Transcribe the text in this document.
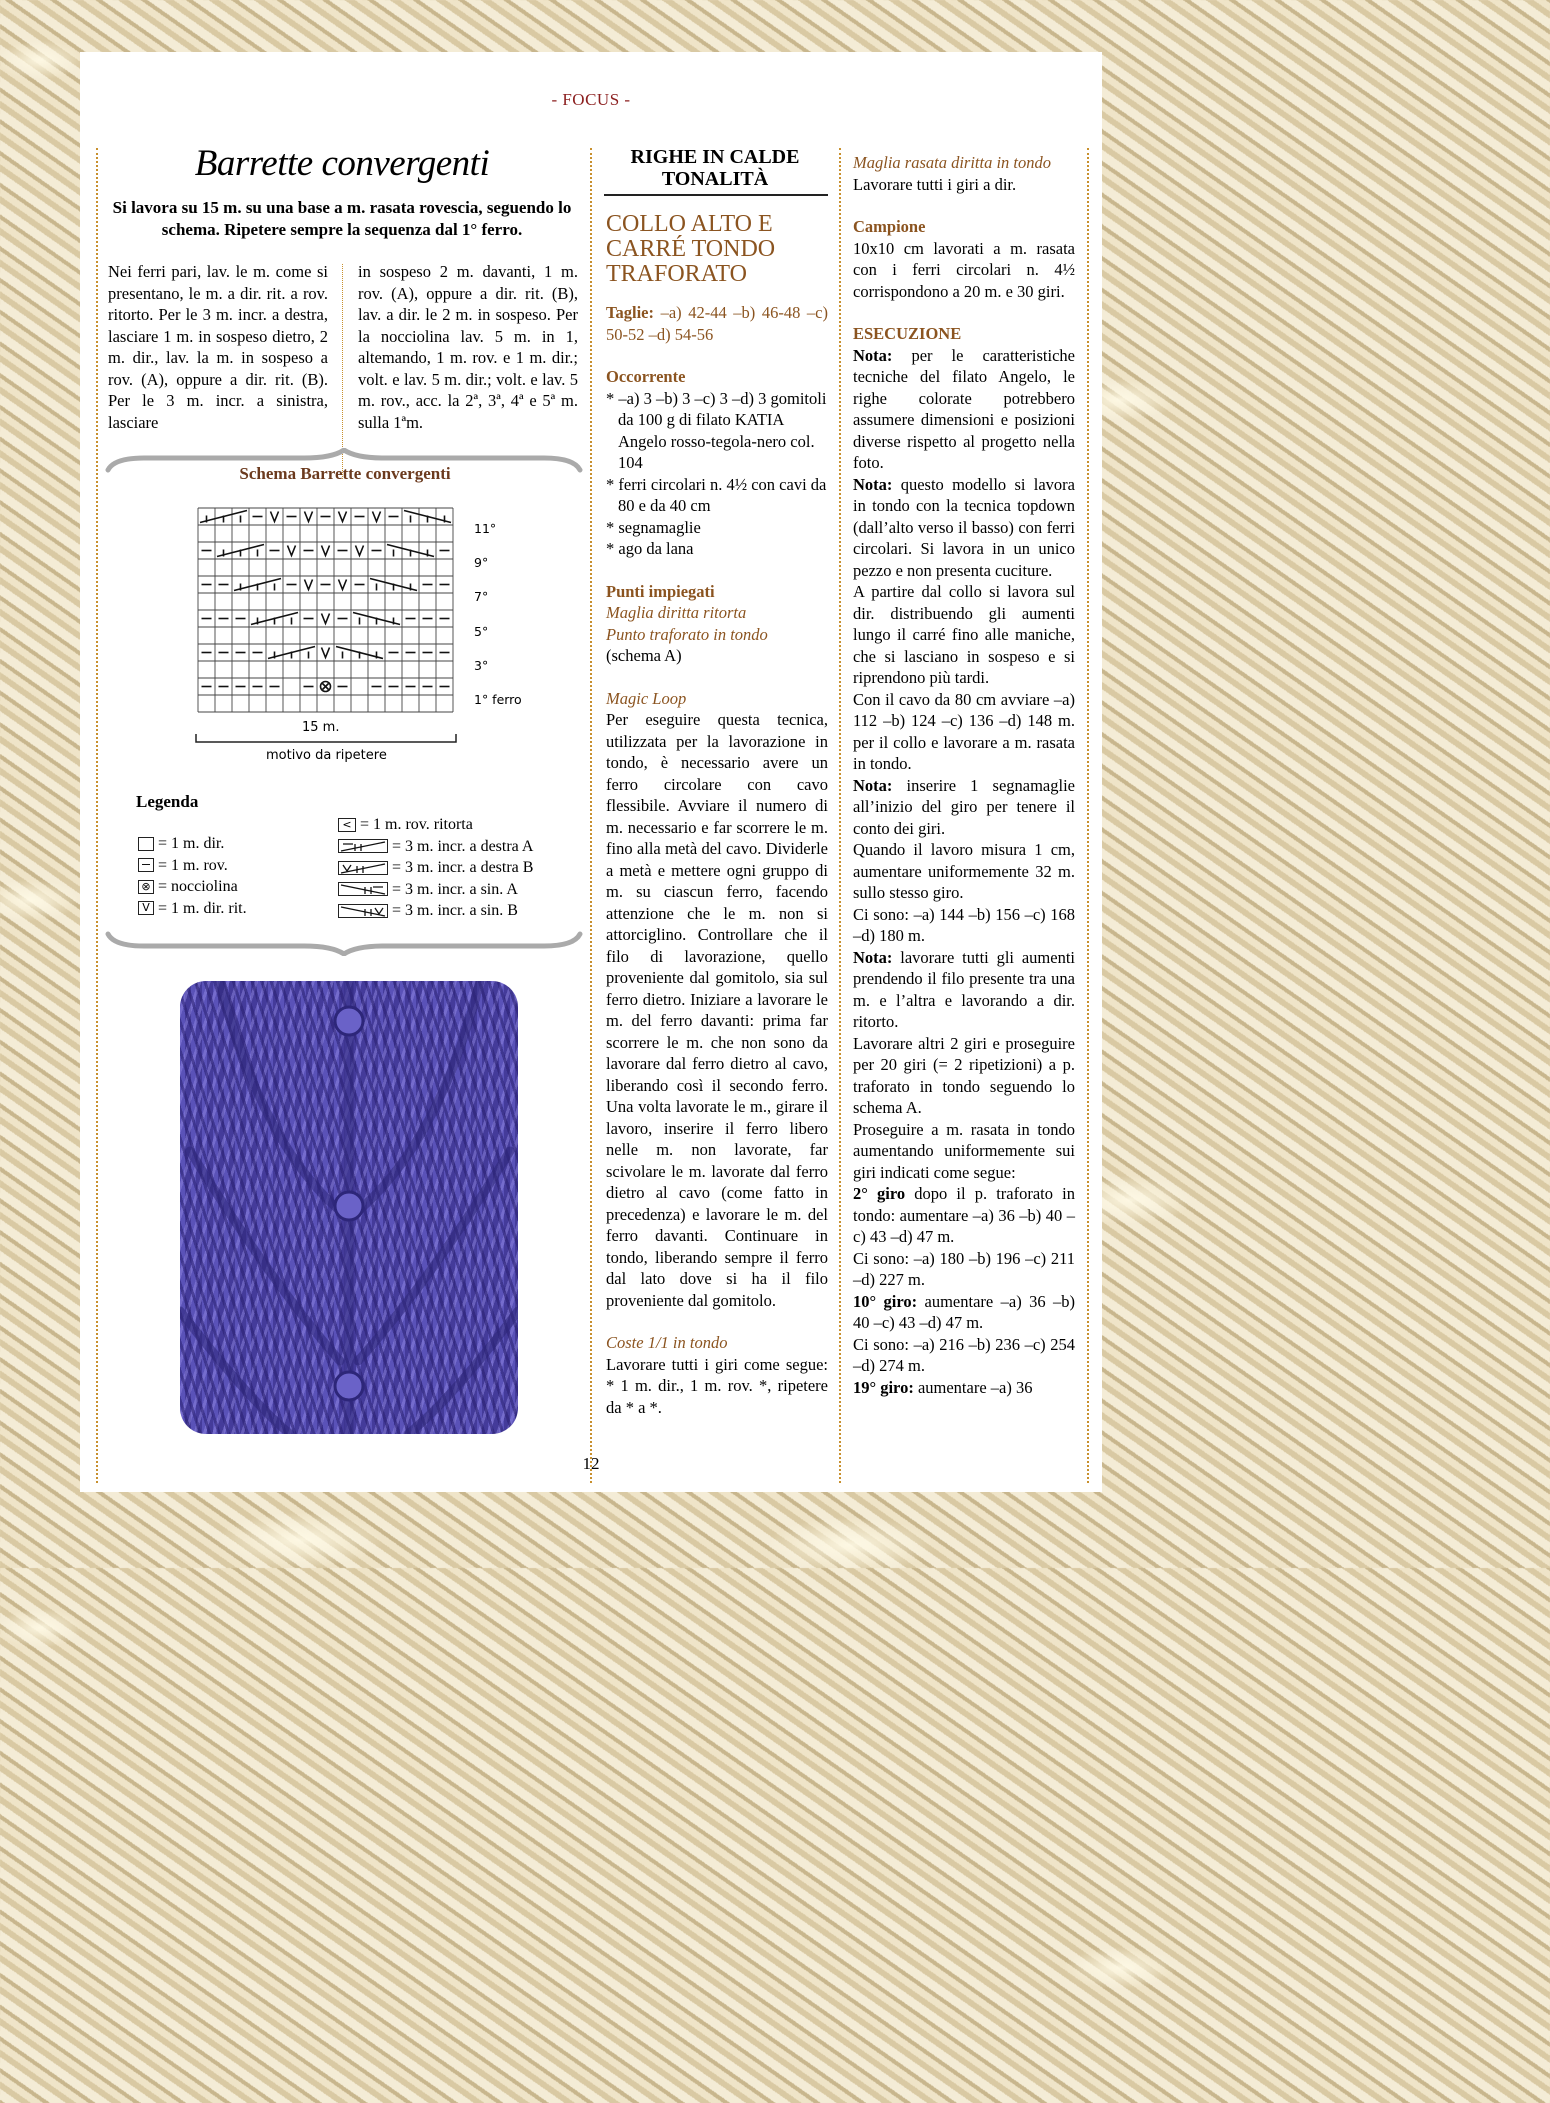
- FOCUS -
Barrette convergenti
Si lavora su 15 m. su una base a m. rasata rovescia, seguendo lo schema. Ripetere sempre la sequenza dal 1° ferro.
Nei ferri pari, lav. le m. come si presentano, le m. a dir. rit. a rov. ritorto. Per le 3 m. incr. a destra, lasciare 1 m. in sospeso dietro, 2 m. dir., lav. la m. in sospeso a rov. (A), oppure a dir. rit. (B). Per le 3 m. incr. a sinistra, lasciare
in sospeso 2 m. davanti, 1 m. rov. (A), oppure a dir. rit. (B), lav. a dir. le 2 m. in sospeso. Per la nocciolina lav. 5 m. in 1, altemando, 1 m. rov. e 1 m. dir.; volt. e lav. 5 m. dir.; volt. e lav. 5 m. rov., acc. la 2ª, 3ª, 4ª e 5ª m. sulla 1ªm.
Schema Barrette convergenti
11°
9°
7°
5°
3°
1° ferro
15 m.
motivo da ripetere
Legenda
= 1 m. dir.
= 1 m. rov.
⊗ = nocciolina
V = 1 m. dir. rit.
< = 1 m. rov. ritorta
= 3 m. incr. a destra A
= 3 m. incr. a destra B
= 3 m. incr. a sin. A
= 3 m. incr. a sin. B
RIGHE IN CALDE TONALITÀ
COLLO ALTO E CARRÉ TONDO TRAFORATO
Taglie: –a) 42-44 –b) 46-48 –c) 50-52 –d) 54-56
Occorrente
* –a) 3 –b) 3 –c) 3 –d) 3 gomitoli da 100 g di filato KATIA Angelo rosso-tegola-nero col. 104
* ferri circolari n. 4½ con cavi da 80 e da 40 cm
* segnamaglie
* ago da lana
Punti impiegati
Maglia diritta ritorta
Punto traforato in tondo
(schema A)
Magic Loop
Per eseguire questa tecnica, utilizzata per la lavorazione in tondo, è necessario avere un ferro circolare con cavo flessibile. Avviare il numero di m. necessario e far scorrere le m. fino alla metà del cavo. Dividerle a metà e mettere ogni gruppo di m. su ciascun ferro, facendo attenzione che le m. non si attorciglino. Controllare che il filo di lavorazione, quello proveniente dal gomitolo, sia sul ferro dietro. Iniziare a lavorare le m. del ferro davanti: prima far scorrere le m. che non sono da lavorare dal ferro dietro al cavo, liberando così il secondo ferro. Una volta lavorate le m., girare il lavoro, inserire il ferro libero nelle m. non lavorate, far scivolare le m. lavorate dal ferro dietro al cavo (come fatto in precedenza) e lavorare le m. del ferro davanti. Continuare in tondo, liberando sempre il ferro dal lato dove si ha il filo proveniente dal gomitolo.
Coste 1/1 in tondo
Lavorare tutti i giri come segue: * 1 m. dir., 1 m. rov. *, ripetere da * a *.
Maglia rasata diritta in tondo
Lavorare tutti i giri a dir.
Campione
10x10 cm lavorati a m. rasata con i ferri circolari n. 4½ corrispondono a 20 m. e 30 giri.
ESECUZIONE
Nota: per le caratteristiche tecniche del filato Angelo, le righe colorate potrebbero assumere dimensioni e posizioni diverse rispetto al progetto nella foto.
Nota: questo modello si lavora in tondo con la tecnica topdown (dall’alto verso il basso) con ferri circolari. Si lavora in un unico pezzo e non presenta cuciture.
A partire dal collo si lavora sul dir. distribuendo gli aumenti lungo il carré fino alle maniche, che si lasciano in sospeso e si riprendono più tardi.
Con il cavo da 80 cm avviare –a) 112 –b) 124 –c) 136 –d) 148 m. per il collo e lavorare a m. rasata in tondo.
Nota: inserire 1 segnamaglie all’inizio del giro per tenere il conto dei giri.
Quando il lavoro misura 1 cm, aumentare uniformemente 32 m. sullo stesso giro.
Ci sono: –a) 144 –b) 156 –c) 168 –d) 180 m.
Nota: lavorare tutti gli aumenti prendendo il filo presente tra una m. e l’altra e lavorando a dir. ritorto.
Lavorare altri 2 giri e proseguire per 20 giri (= 2 ripetizioni) a p. traforato in tondo seguendo lo schema A.
Proseguire a m. rasata in tondo aumentando uniformemente sui giri indicati come segue:
2° giro dopo il p. traforato in tondo: aumentare –a) 36 –b) 40 –c) 43 –d) 47 m.
Ci sono: –a) 180 –b) 196 –c) 211 –d) 227 m.
10° giro: aumentare –a) 36 –b) 40 –c) 43 –d) 47 m.
Ci sono: –a) 216 –b) 236 –c) 254 –d) 274 m.
19° giro: aumentare –a) 36
12
